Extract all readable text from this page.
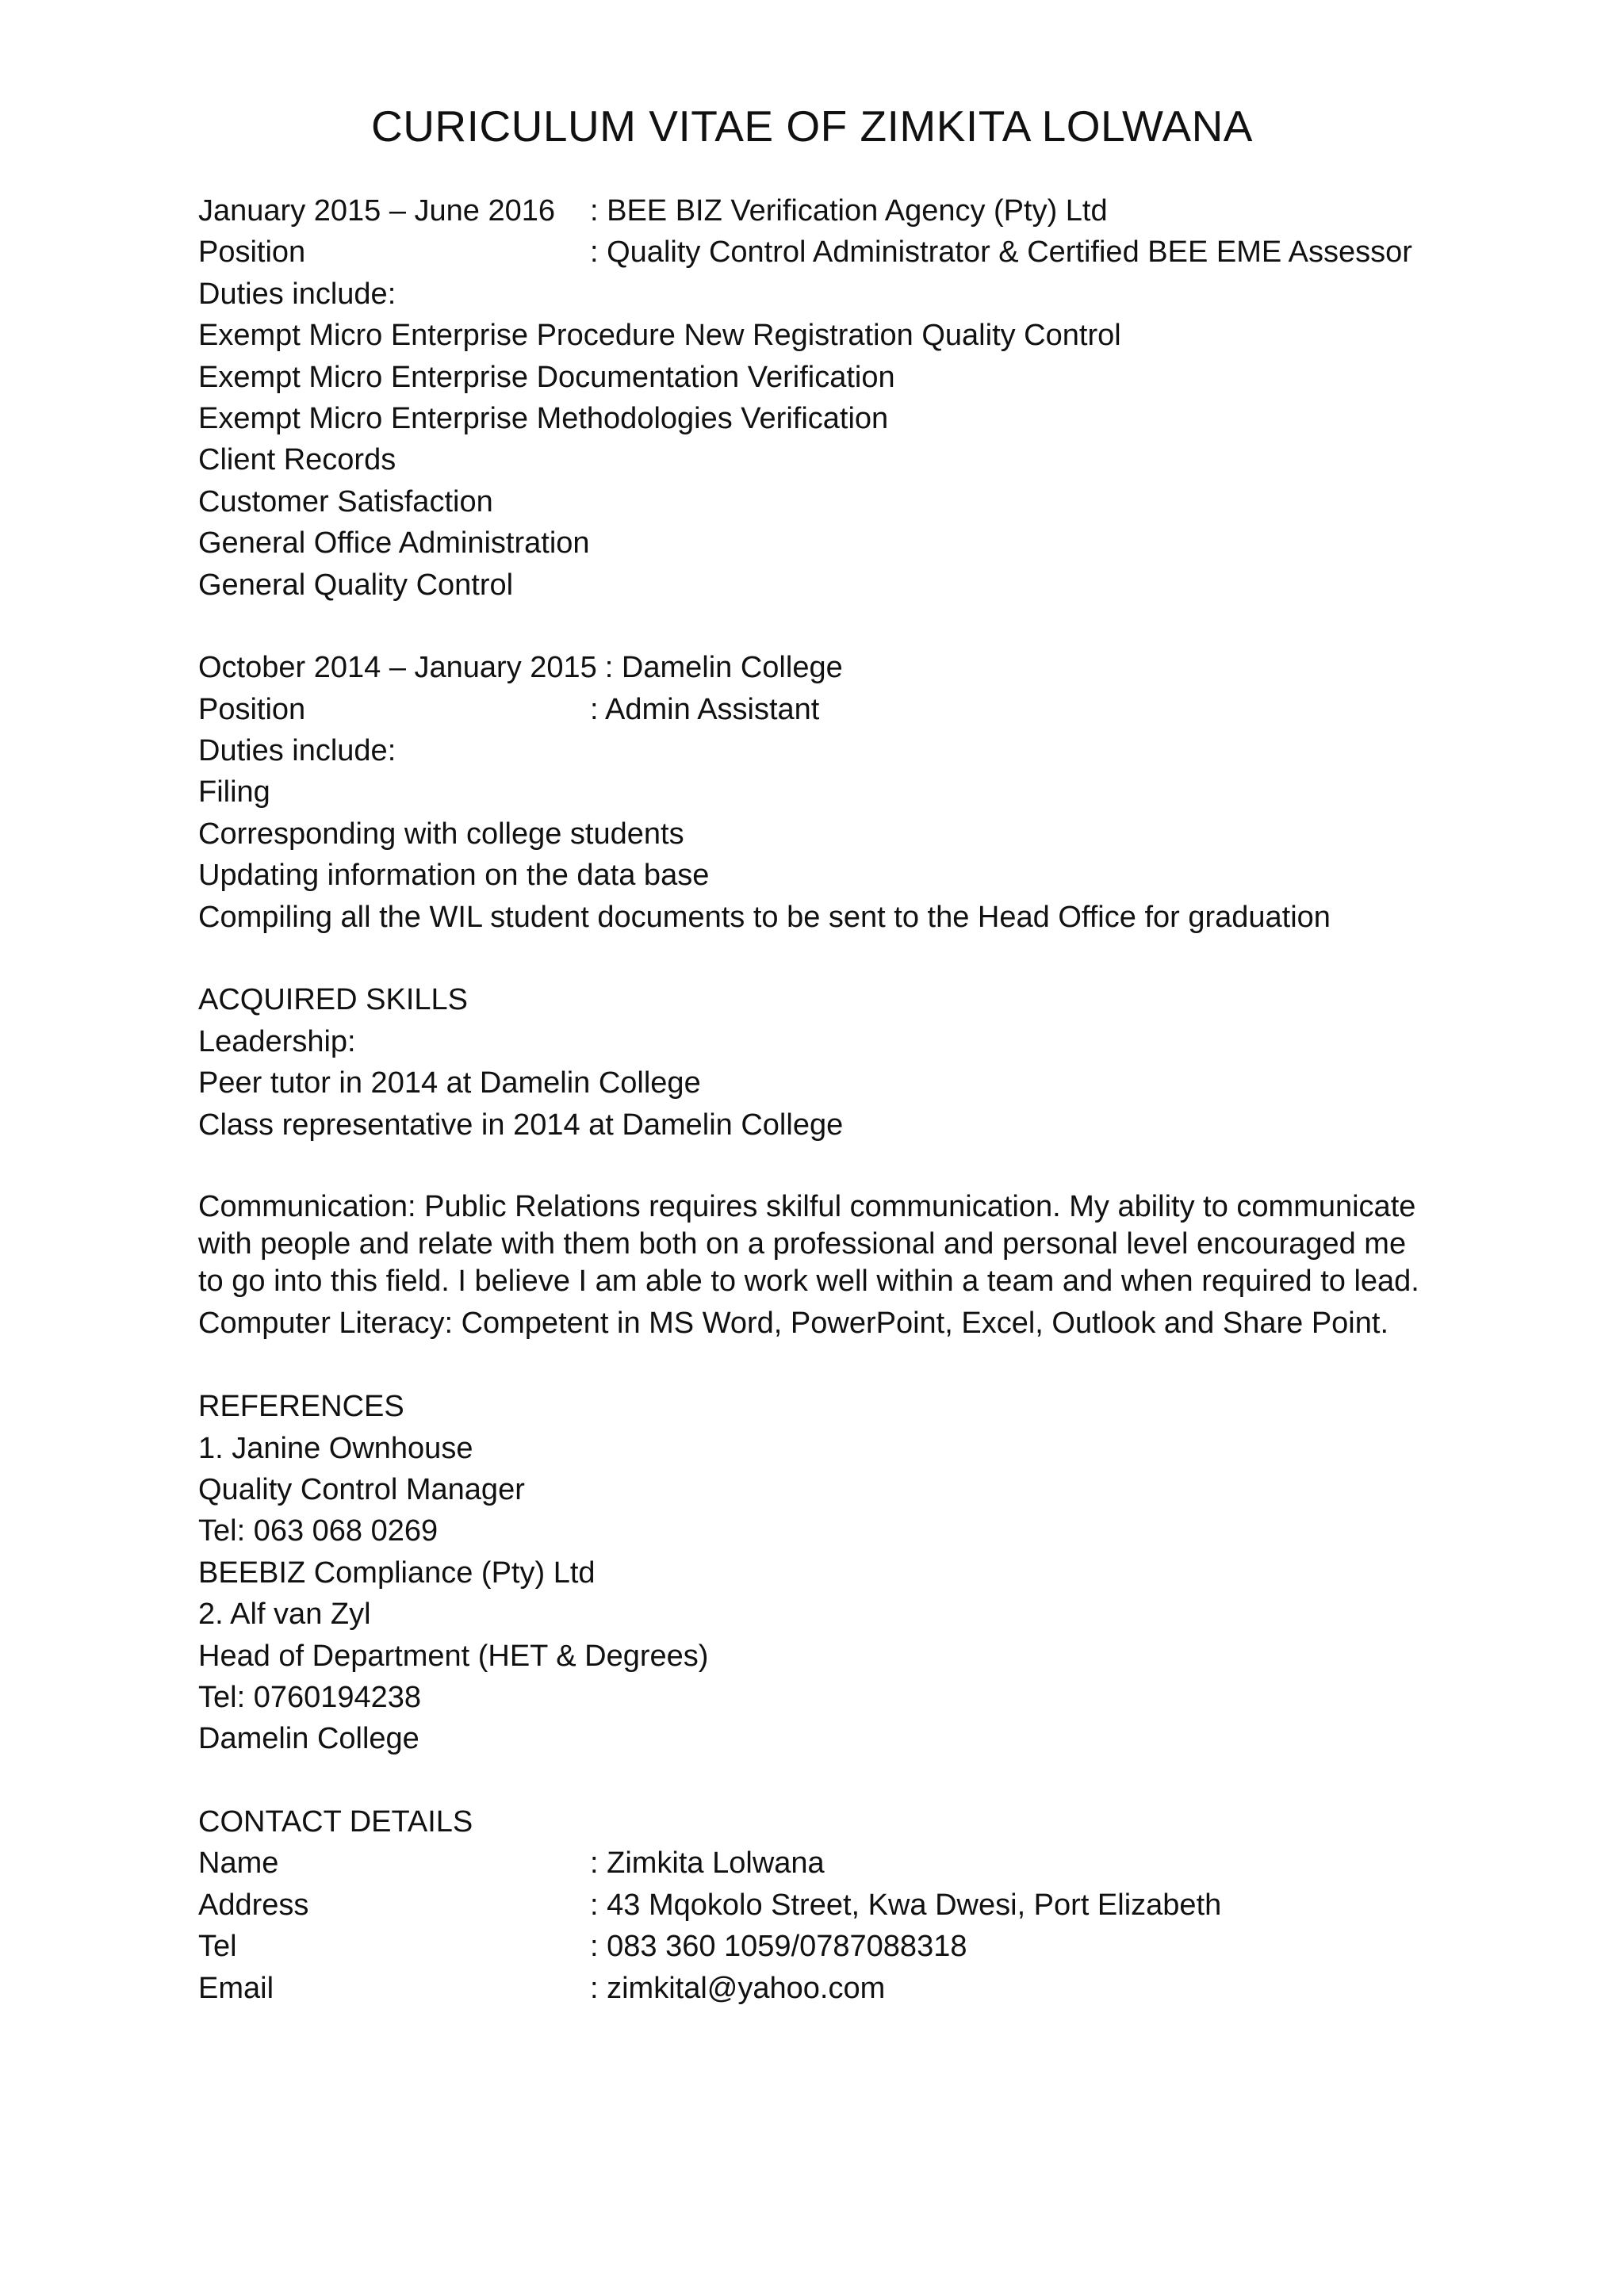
CURICULUM VITAE OF ZIMKITA LOLWANA
January 2015 – June 2016	: BEE BIZ Verification Agency (Pty) Ltd
Position	: Quality Control Administrator & Certified BEE EME Assessor
Duties include:
Exempt Micro Enterprise Procedure New Registration Quality Control
Exempt Micro Enterprise Documentation Verification
Exempt Micro Enterprise Methodologies Verification
Client Records
Customer Satisfaction
General Office Administration
General Quality Control
October 2014 – January 2015 : Damelin College
Position	: Admin Assistant
Duties include:
Filing
Corresponding with college students
Updating information on the data base
Compiling all the WIL student documents to be sent to the Head Office for graduation
ACQUIRED SKILLS
Leadership:
Peer tutor in 2014 at Damelin College
Class representative in 2014 at Damelin College
Communication: Public Relations requires skilful communication. My ability to communicate
with people and relate with them both on a professional and personal level encouraged me
to go into this field. I believe I am able to work well within a team and when required to lead.
Computer Literacy: Competent in MS Word, PowerPoint, Excel, Outlook and Share Point.
REFERENCES
1. Janine Ownhouse
Quality Control Manager
Tel: 063 068 0269
BEEBIZ Compliance (Pty) Ltd
2. Alf van Zyl
Head of Department (HET & Degrees)
Tel: 0760194238
Damelin College
CONTACT DETAILS
Name	: Zimkita Lolwana
Address	: 43 Mqokolo Street, Kwa Dwesi, Port Elizabeth
Tel	: 083 360 1059/0787088318
Email	: zimkital@yahoo.com
